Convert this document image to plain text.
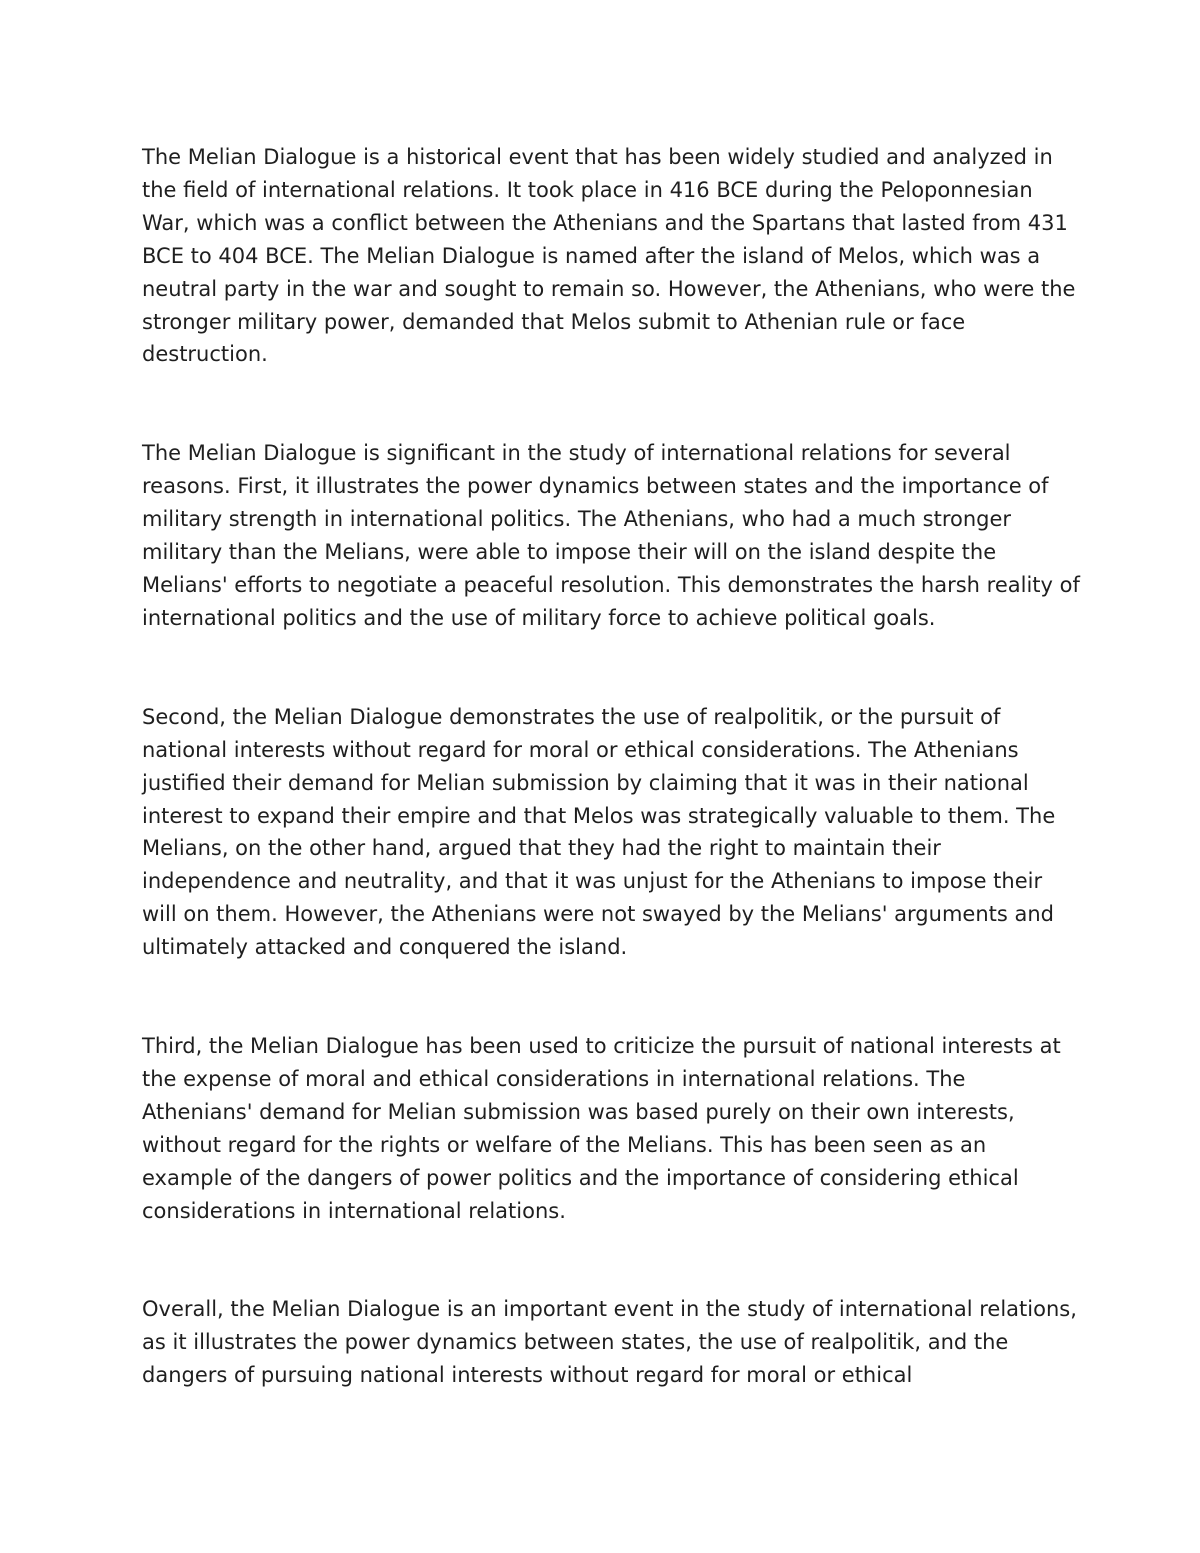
The Melian Dialogue is a historical event that has been widely studied and analyzed in
the field of international relations. It took place in 416 BCE during the Peloponnesian
War, which was a conflict between the Athenians and the Spartans that lasted from 431
BCE to 404 BCE. The Melian Dialogue is named after the island of Melos, which was a
neutral party in the war and sought to remain so. However, the Athenians, who were the
stronger military power, demanded that Melos submit to Athenian rule or face
destruction.

The Melian Dialogue is significant in the study of international relations for several
reasons. First, it illustrates the power dynamics between states and the importance of
military strength in international politics. The Athenians, who had a much stronger
military than the Melians, were able to impose their will on the island despite the
Melians' efforts to negotiate a peaceful resolution. This demonstrates the harsh reality of
international politics and the use of military force to achieve political goals.

Second, the Melian Dialogue demonstrates the use of realpolitik, or the pursuit of
national interests without regard for moral or ethical considerations. The Athenians
justified their demand for Melian submission by claiming that it was in their national
interest to expand their empire and that Melos was strategically valuable to them. The
Melians, on the other hand, argued that they had the right to maintain their
independence and neutrality, and that it was unjust for the Athenians to impose their
will on them. However, the Athenians were not swayed by the Melians' arguments and
ultimately attacked and conquered the island.

Third, the Melian Dialogue has been used to criticize the pursuit of national interests at
the expense of moral and ethical considerations in international relations. The
Athenians' demand for Melian submission was based purely on their own interests,
without regard for the rights or welfare of the Melians. This has been seen as an
example of the dangers of power politics and the importance of considering ethical
considerations in international relations.

Overall, the Melian Dialogue is an important event in the study of international relations,
as it illustrates the power dynamics between states, the use of realpolitik, and the
dangers of pursuing national interests without regard for moral or ethical
